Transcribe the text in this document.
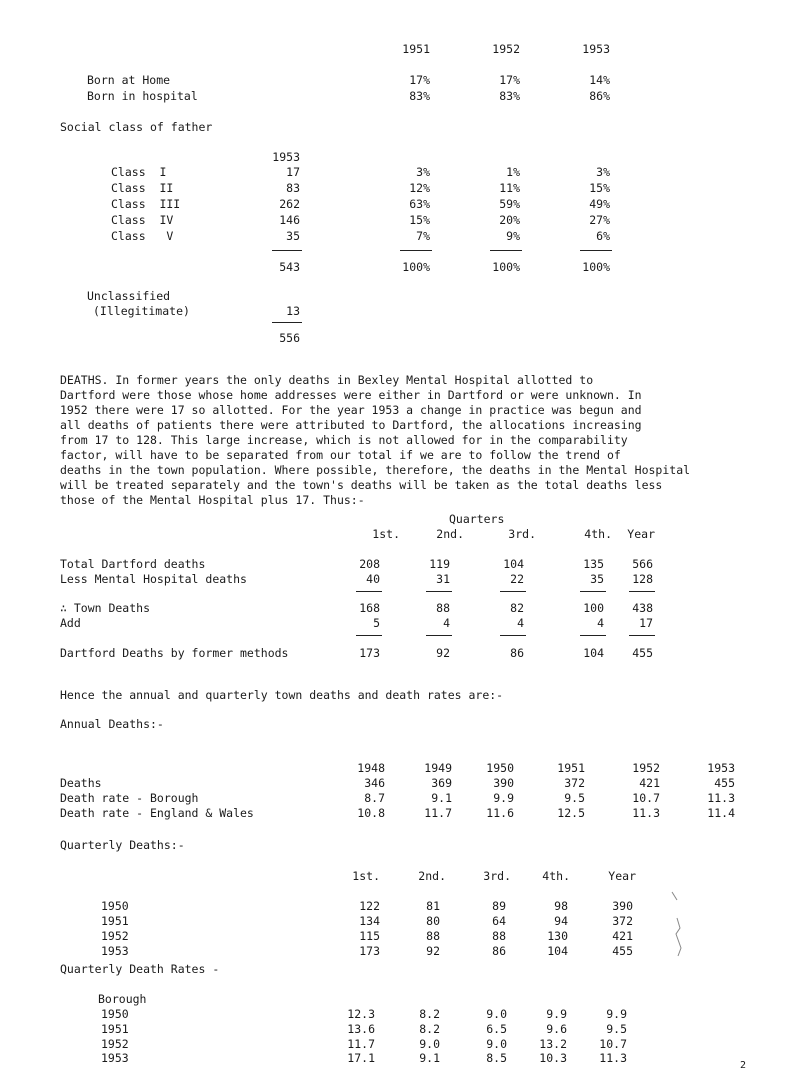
1951	1952	1953
Born at Home	17%	17%	14%
Born in hospital	83%	83%	86%
Social class of father
1953
Class  I	17	3%	1%	3%
Class  II	83	12%	11%	15%
Class  III	262	63%	59%	49%
Class  IV	146	15%	20%	27%
Class   V	35	7%	9%	6%
543	100%	100%	100%
Unclassified
(Illegitimate)	13
556

DEATHS. In former years the only deaths in Bexley Mental Hospital allotted to

Dartford were those whose home addresses were either in Dartford or were unknown. In

1952 there were 17 so allotted. For the year 1953 a change in practice was begun and

all deaths of patients there were attributed to Dartford, the allocations increasing

from 17 to 128. This large increase, which is not allowed for in the comparability

factor, will have to be separated from our total if we are to follow the trend of

deaths in the town population. Where possible, therefore, the deaths in the Mental Hospital

will be treated separately and the town's deaths will be taken as the total deaths less

those of the Mental Hospital plus 17. Thus:-

Quarters
1st.	2nd.	3rd.	4th.	Year
Total Dartford deaths	208	119	104	135	566
Less Mental Hospital deaths	40	31	22	35	128
∴ Town Deaths	168	88	82	100	438
Add	5	4	4	4	17
Dartford Deaths by former methods	173	92	86	104	455
Hence the annual and quarterly town deaths and death rates are:-
Annual Deaths:-
1948	1949	1950	1951	1952	1953
Deaths	346	369	390	372	421	455
Death rate - Borough	8.7	9.1	9.9	9.5	10.7	11.3
Death rate - England & Wales	10.8	11.7	11.6	12.5	11.3	11.4
Quarterly Deaths:-
1st.	2nd.	3rd.	4th.	Year
1950	122	81	89	98	390
1951	134	80	64	94	372
1952	115	88	88	130	421
1953	173	92	86	104	455
Quarterly Death Rates -
Borough
1950	12.3	8.2	9.0	9.9	9.9
1951	13.6	8.2	6.5	9.6	9.5
1952	11.7	9.0	9.0	13.2	10.7
1953	17.1	9.1	8.5	10.3	11.3
2
